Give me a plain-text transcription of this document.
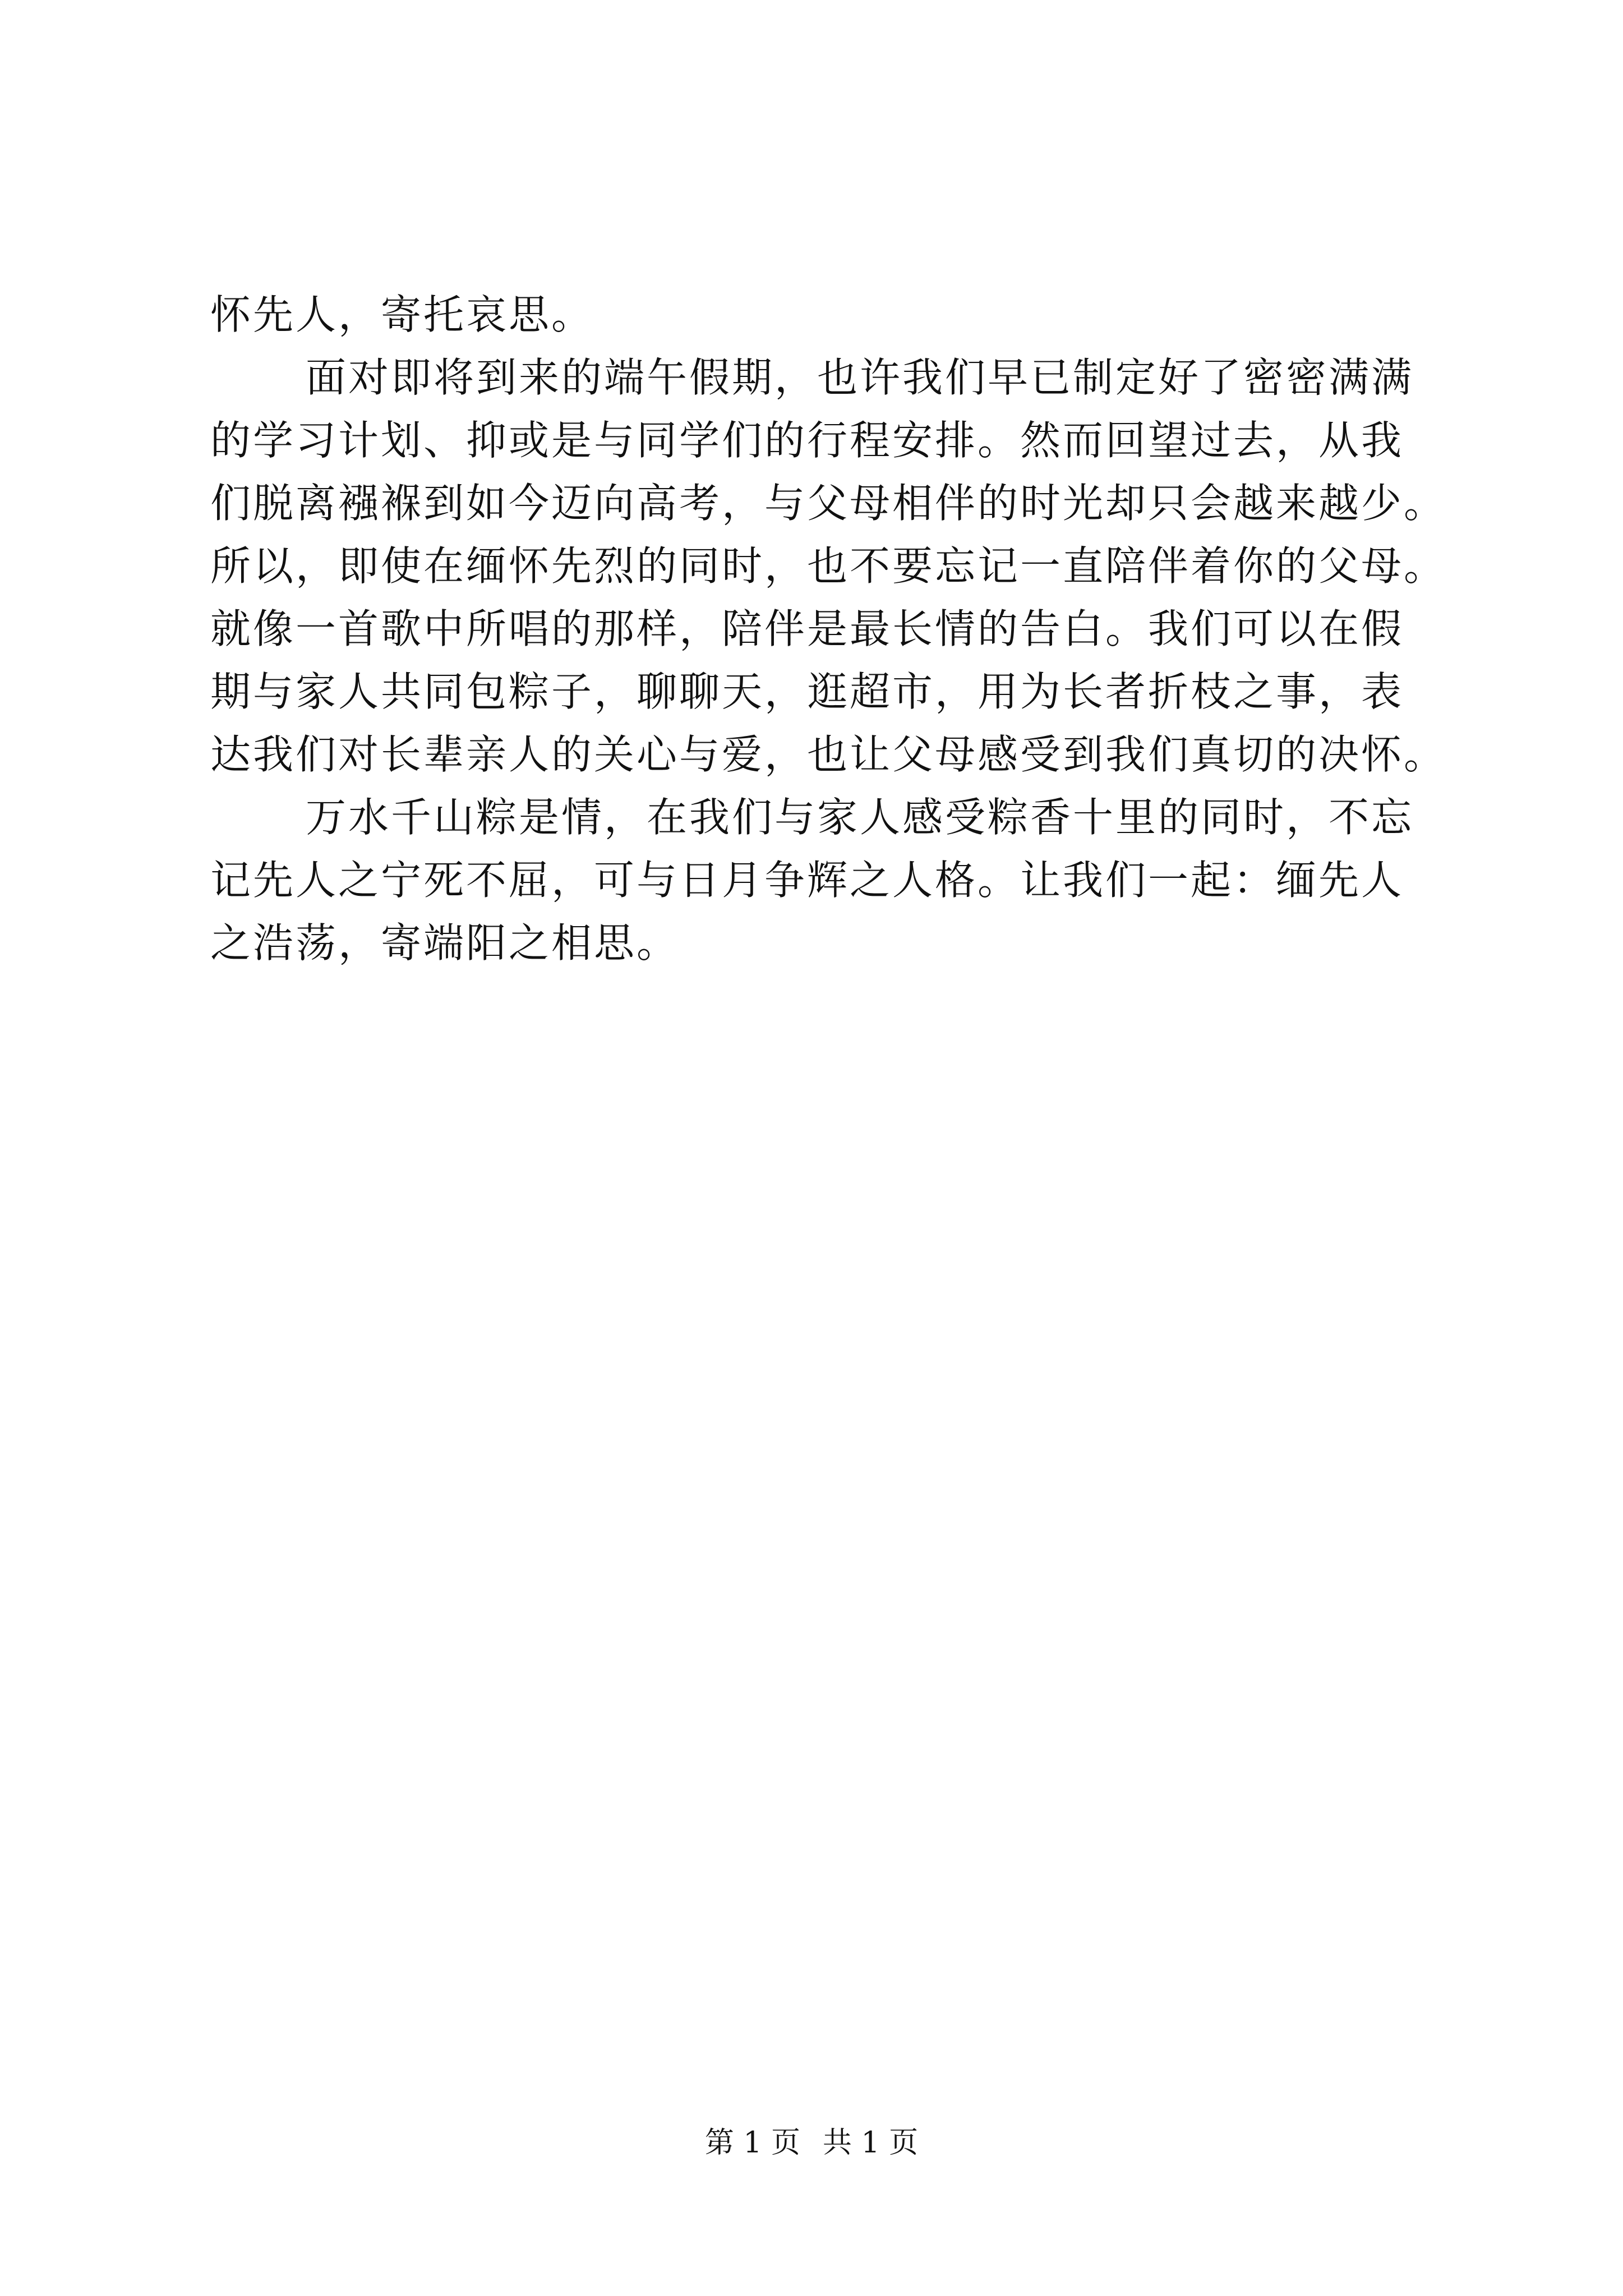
怀先人，寄托哀思。
面对即将到来的端午假期，也许我们早已制定好了密密满满
的学习计划、抑或是与同学们的行程安排。然而回望过去，从我
们脱离襁褓到如今迈向高考，与父母相伴的时光却只会越来越少。
所以，即使在缅怀先烈的同时，也不要忘记一直陪伴着你的父母。
就像一首歌中所唱的那样，陪伴是最长情的告白。我们可以在假
期与家人共同包粽子，聊聊天，逛超市，用为长者折枝之事，表
达我们对长辈亲人的关心与爱，也让父母感受到我们真切的决怀。
万水千山粽是情，在我们与家人感受粽香十里的同时，不忘
记先人之宁死不屈，可与日月争辉之人格。让我们一起：缅先人
之浩荡，寄端阳之相思。
第 1 页 共 1 页
